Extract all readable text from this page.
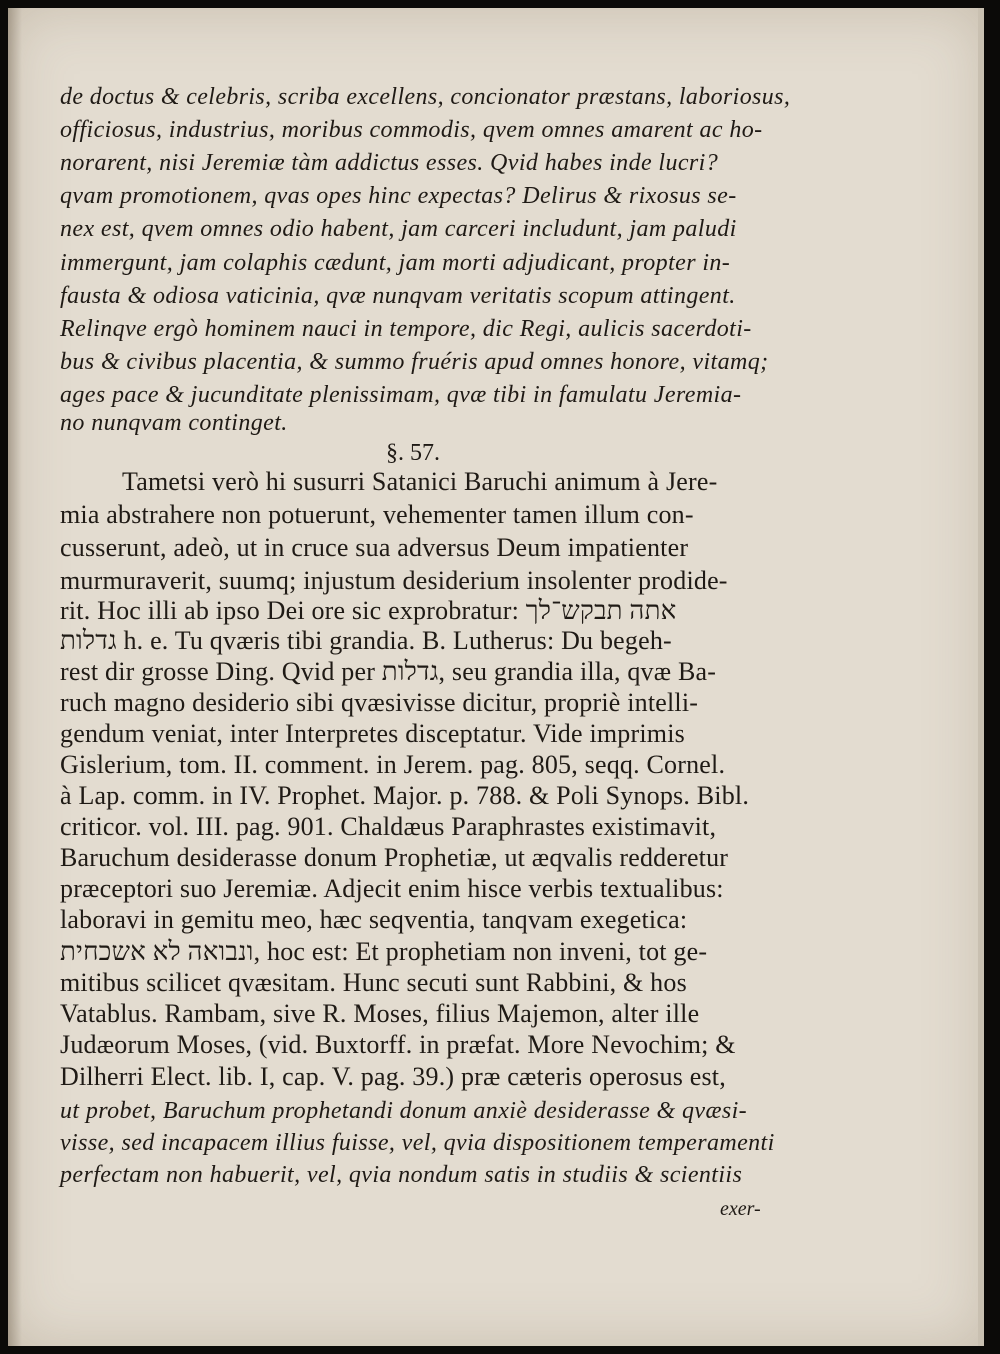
de doctus & celebris, scriba excellens, concionator præstans, laboriosus,
officiosus, industrius, moribus commodis, qvem omnes amarent ac ho-
norarent, nisi Jeremiæ tàm addictus esses. Qvid habes inde lucri?
qvam promotionem, qvas opes hinc expectas? Delirus & rixosus se-
nex est, qvem omnes odio habent, jam carceri includunt, jam paludi
immergunt, jam colaphis cædunt, jam morti adjudicant, propter in-
fausta & odiosa vaticinia, qvæ nunqvam veritatis scopum attingent.
Relinqve ergò hominem nauci in tempore, dic Regi, aulicis sacerdoti-
bus & civibus placentia, & summo fruéris apud omnes honore, vitamq;
ages pace & jucunditate plenissimam, qvæ tibi in famulatu Jeremia-
no nunqvam continget.
§. 57.
Tametsi verò hi susurri Satanici Baruchi animum à Jere-
mia abstrahere non potuerunt, vehementer tamen illum con-
cusserunt, adeò, ut in cruce sua adversus Deum impatienter
murmuraverit, suumq; injustum desiderium insolenter prodide-
rit. Hoc illi ab ipso Dei ore sic exprobratur: אתה תבקש־לך
גדלות h. e. Tu qværis tibi grandia. B. Lutherus: Du begeh-
rest dir grosse Ding. Qvid per גדלות, seu grandia illa, qvæ Ba-
ruch magno desiderio sibi qvæsivisse dicitur, propriè intelli-
gendum veniat, inter Interpretes disceptatur. Vide imprimis
Gislerium, tom. II. comment. in Jerem. pag. 805, seqq. Cornel.
à Lap. comm. in IV. Prophet. Major. p. 788. & Poli Synops. Bibl.
criticor. vol. III. pag. 901. Chaldæus Paraphrastes existimavit,
Baruchum desiderasse donum Prophetiæ, ut æqvalis redderetur
præceptori suo Jeremiæ. Adjecit enim hisce verbis textualibus:
laboravi in gemitu meo, hæc seqventia, tanqvam exegetica:
ונבואה לא אשכחית, hoc est: Et prophetiam non inveni, tot ge-
mitibus scilicet qvæsitam. Hunc secuti sunt Rabbini, & hos
Vatablus. Rambam, sive R. Moses, filius Majemon, alter ille
Judæorum Moses, (vid. Buxtorff. in præfat. More Nevochim; &
Dilherri Elect. lib. I, cap. V. pag. 39.) præ cæteris operosus est,
ut probet, Baruchum prophetandi donum anxiè desiderasse & qvæsi-
visse, sed incapacem illius fuisse, vel, qvia dispositionem temperamenti
perfectam non habuerit, vel, qvia nondum satis in studiis & scientiis
exer-
